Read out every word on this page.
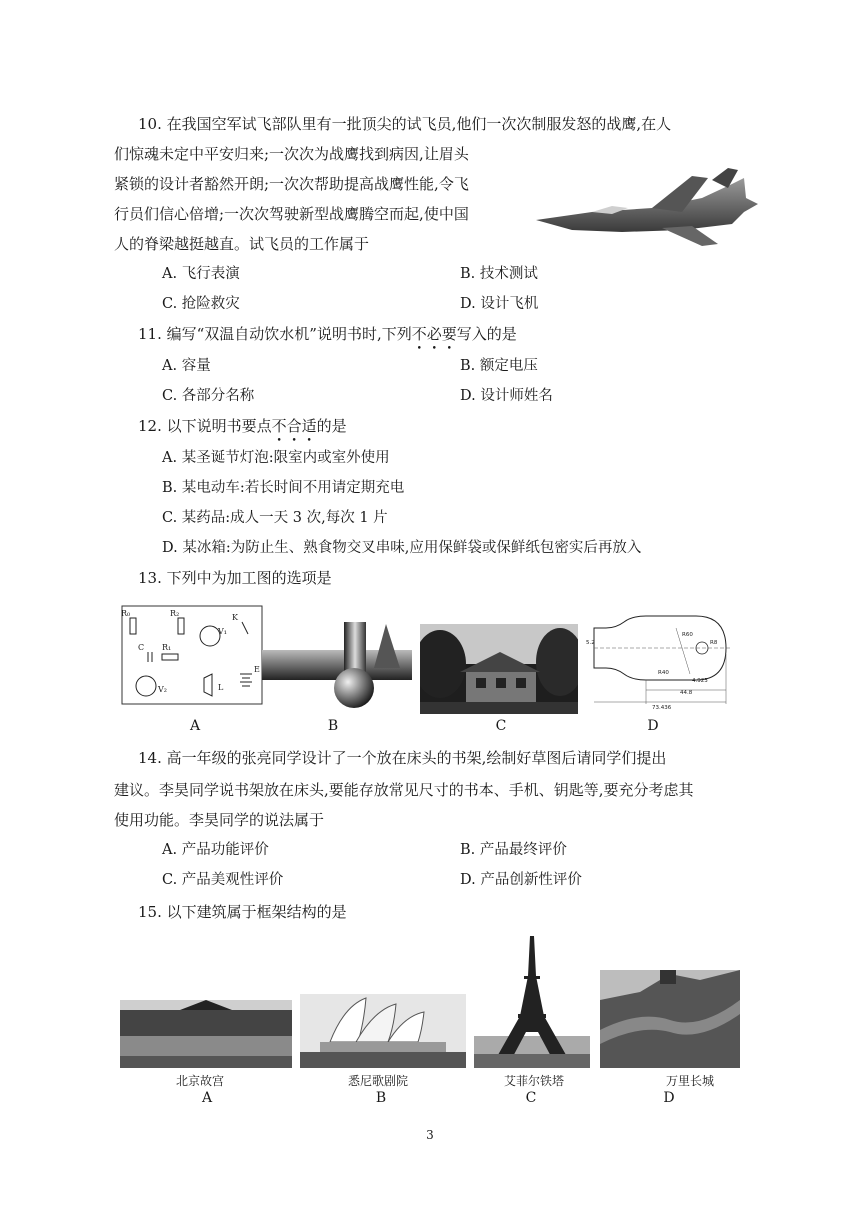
10. 在我国空军试飞部队里有一批顶尖的试飞员,他们一次次制服发怒的战鹰,在人
们惊魂未定中平安归来;一次次为战鹰找到病因,让眉头
紧锁的设计者豁然开朗;一次次帮助提高战鹰性能,令飞
行员们信心倍增;一次次驾驶新型战鹰腾空而起,使中国
人的脊梁越挺越直。试飞员的工作属于
A. 飞行表演	B. 技术测试
C. 抢险救灾	D. 设计飞机
11. 编写“双温自动饮水机”说明书时,下列不必要写入的是
A. 容量	B. 额定电压
C. 各部分名称	D. 设计师姓名
12. 以下说明书要点不合适的是
A. 某圣诞节灯泡:限室内或室外使用
B. 某电动车:若长时间不用请定期充电
C. 某药品:成人一天 3 次,每次 1 片
D. 某冰箱:为防止生、熟食物交叉串味,应用保鲜袋或保鲜纸包密实后再放入
13. 下列中为加工图的选项是
R₀	R₂
V₁
K
C R₁
V₂	L
E
A	B	C
R60
R8
R40
4.923
44.8
73.436
5.2
D
14. 高一年级的张亮同学设计了一个放在床头的书架,绘制好草图后请同学们提出
建议。李昊同学说书架放在床头,要能存放常见尺寸的书本、手机、钥匙等,要充分考虑其
使用功能。李昊同学的说法属于
A. 产品功能评价	B. 产品最终评价
C. 产品美观性评价	D. 产品创新性评价
15. 以下建筑属于框架结构的是
北京故宫
A
悉尼歌剧院
B
艾菲尔铁塔
C
万里长城
D
3
